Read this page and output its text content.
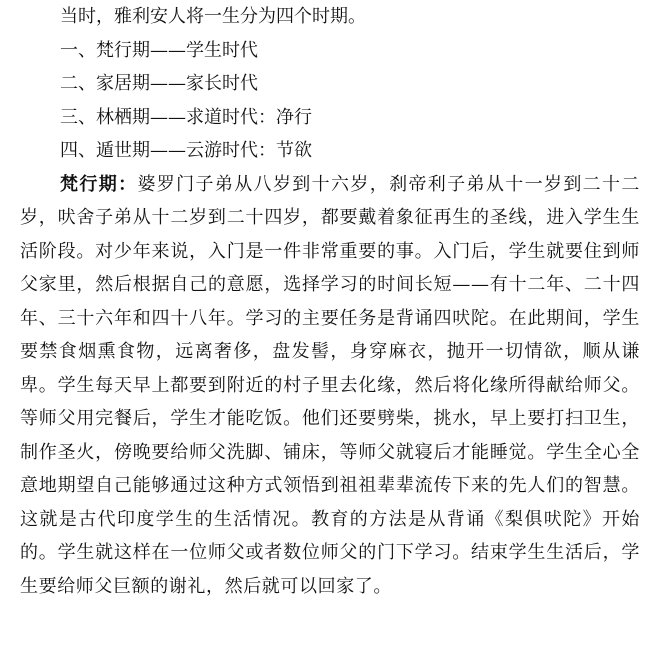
当时，雅利安人将一生分为四个时期。
一、梵行期——学生时代
二、家居期——家长时代
三、林栖期——求道时代：净行
四、遁世期——云游时代：节欲

梵行期：婆罗门子弟从八岁到十六岁，刹帝利子弟从十一岁到二十二岁，吠舍子弟从十二岁到二十四岁，都要戴着象征再生的圣线，进入学生生活阶段。对少年来说，入门是一件非常重要的事。入门后，学生就要住到师父家里，然后根据自己的意愿，选择学习的时间长短——有十二年、二十四年、三十六年和四十八年。学习的主要任务是背诵四吠陀。在此期间，学生要禁食烟熏食物，远离奢侈，盘发髻，身穿麻衣，抛开一切情欲，顺从谦卑。学生每天早上都要到附近的村子里去化缘，然后将化缘所得献给师父。等师父用完餐后，学生才能吃饭。他们还要劈柴，挑水，早上要打扫卫生，制作圣火，傍晚要给师父洗脚、铺床，等师父就寝后才能睡觉。学生全心全意地期望自己能够通过这种方式领悟到祖祖辈辈流传下来的先人们的智慧。这就是古代印度学生的生活情况。教育的方法是从背诵《梨俱吠陀》开始的。学生就这样在一位师父或者数位师父的门下学习。结束学生生活后，学生要给师父巨额的谢礼，然后就可以回家了。
